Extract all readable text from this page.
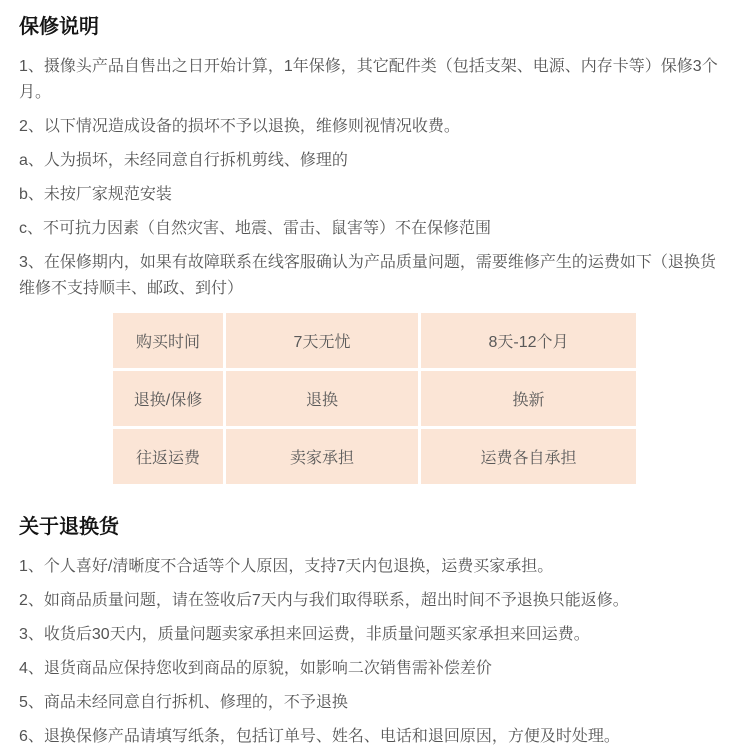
保修说明

1、摄像头产品自售出之日开始计算，1年保修，其它配件类（包括支架、电源、内存卡等）保修3个
月。

2、以下情况造成设备的损坏不予以退换，维修则视情况收费。

a、人为损坏，未经同意自行拆机剪线、修理的

b、未按厂家规范安装

c、不可抗力因素（自然灾害、地震、雷击、鼠害等）不在保修范围

3、在保修期内，如果有故障联系在线客服确认为产品质量问题，需要维修产生的运费如下（退换货
维修不支持顺丰、邮政、到付）

购买时间	7天无忧	8天-12个月
退换/保修	退换	换新
往返运费	卖家承担	运费各自承担
关于退换货

1、个人喜好/清晰度不合适等个人原因，支持7天内包退换，运费买家承担。

2、如商品质量问题，请在签收后7天内与我们取得联系，超出时间不予退换只能返修。

3、收货后30天内，质量问题卖家承担来回运费，非质量问题买家承担来回运费。

4、退货商品应保持您收到商品的原貌，如影响二次销售需补偿差价

5、商品未经同意自行拆机、修理的，不予退换

6、退换保修产品请填写纸条，包括订单号、姓名、电话和退回原因，方便及时处理。
